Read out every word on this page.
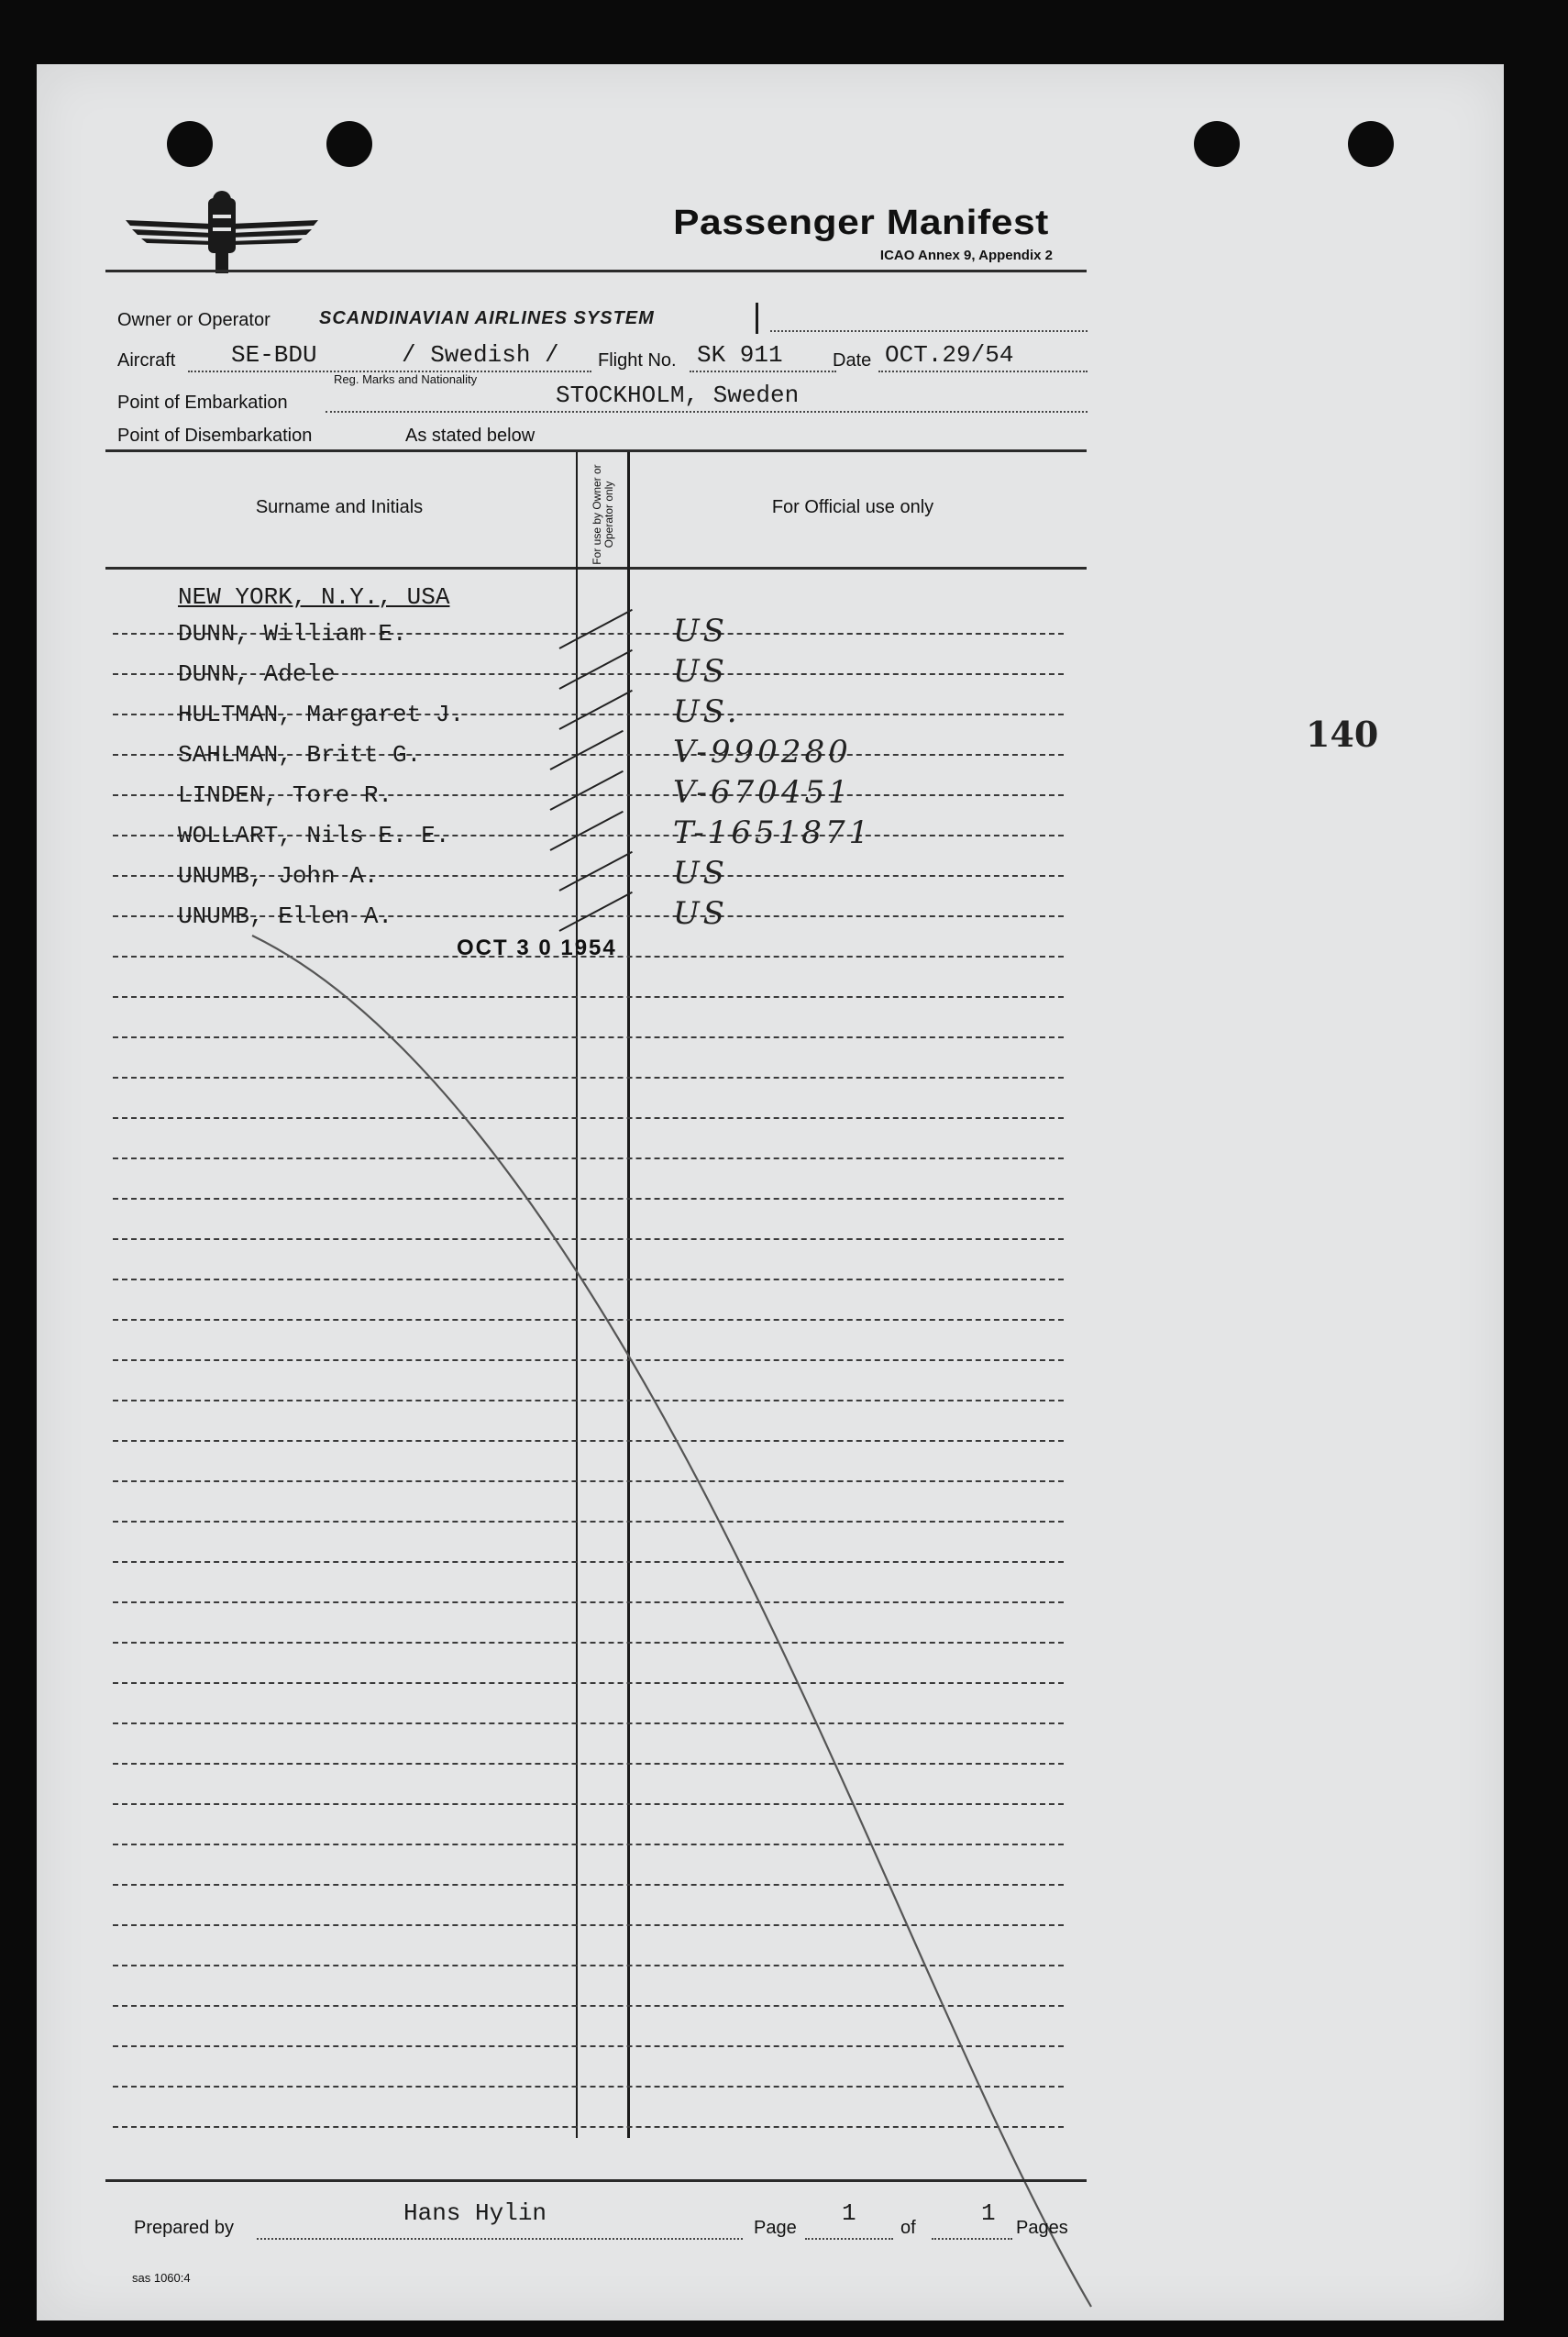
Passenger Manifest
ICAO Annex 9, Appendix 2
Owner or Operator	SCANDINAVIAN AIRLINES SYSTEM
Aircraft SE-BDU	/ Swedish /
Reg. Marks and Nationality
Flight No. SK 911	Date OCT.29/54
Point of Embarkation	STOCKHOLM, Sweden
Point of Disembarkation	As stated below
Surname and Initials	For use by Owner or Operator only	For Official use only
NEW YORK, N.Y., USA
DUNN, William E.	US
DUNN, Adele	US
HULTMAN, Margaret J.	US.
SAHLMAN, Britt G.	V-990280
LINDEN, Tore R.	V-670451
WOLLART, Nils E. E.	T-1651871
UNUMB, John A.	US
UNUMB, Ellen A.	US
OCT 3 0 1954
140
Prepared by
Hans Hylin
Page
1
of
1
Pages
sas 1060:4
